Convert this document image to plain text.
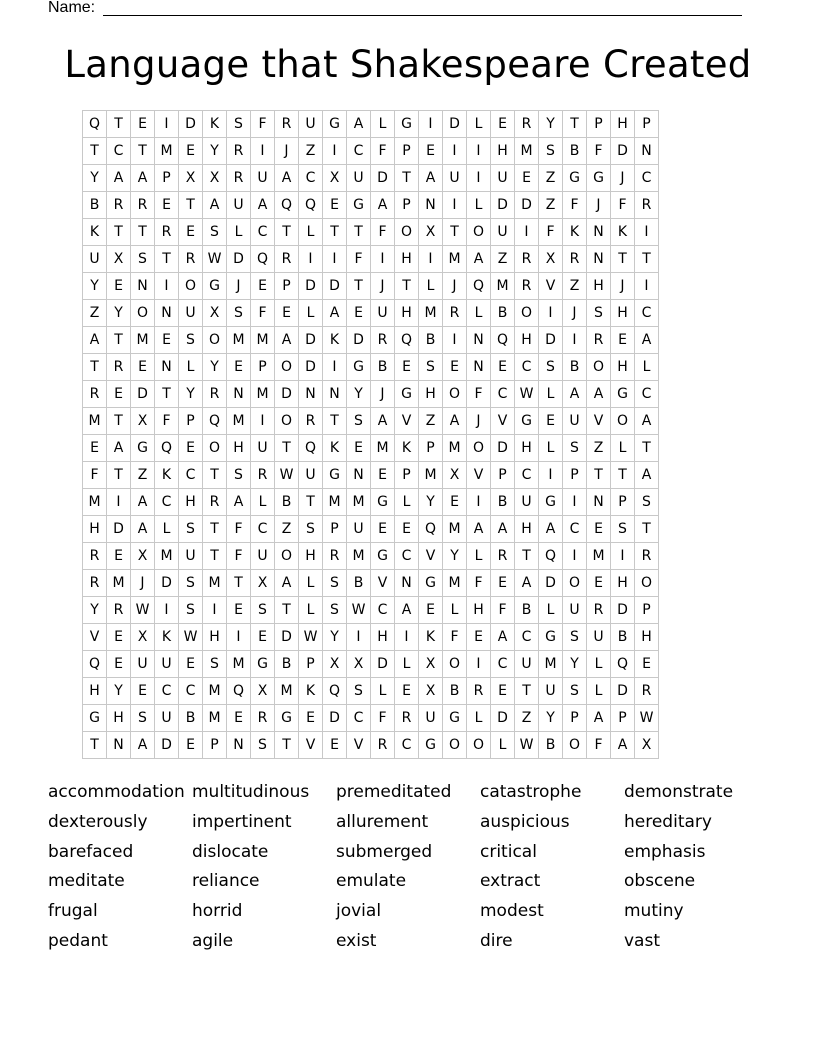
Name:
Language that Shakespeare Created
Q	T	E	I	D	K	S	F	R	U	G	A	L	G	I	D	L	E	R	Y	T	P	H	P
T	C	T	M	E	Y	R	I	J	Z	I	C	F	P	E	I	I	H	M	S	B	F	D	N
Y	A	A	P	X	X	R	U	A	C	X	U	D	T	A	U	I	U	E	Z	G	G	J	C
B	R	R	E	T	A	U	A	Q	Q	E	G	A	P	N	I	L	D	D	Z	F	J	F	R
K	T	T	R	E	S	L	C	T	L	T	T	F	O	X	T	O	U	I	F	K	N	K	I
U	X	S	T	R	W	D	Q	R	I	I	F	I	H	I	M	A	Z	R	X	R	N	T	T
Y	E	N	I	O	G	J	E	P	D	D	T	J	T	L	J	Q	M	R	V	Z	H	J	I
Z	Y	O	N	U	X	S	F	E	L	A	E	U	H	M	R	L	B	O	I	J	S	H	C
A	T	M	E	S	O	M	M	A	D	K	D	R	Q	B	I	N	Q	H	D	I	R	E	A
T	R	E	N	L	Y	E	P	O	D	I	G	B	E	S	E	N	E	C	S	B	O	H	L
R	E	D	T	Y	R	N	M	D	N	N	Y	J	G	H	O	F	C	W	L	A	A	G	C
M	T	X	F	P	Q	M	I	O	R	T	S	A	V	Z	A	J	V	G	E	U	V	O	A
E	A	G	Q	E	O	H	U	T	Q	K	E	M	K	P	M	O	D	H	L	S	Z	L	T
F	T	Z	K	C	T	S	R	W	U	G	N	E	P	M	X	V	P	C	I	P	T	T	A
M	I	A	C	H	R	A	L	B	T	M	M	G	L	Y	E	I	B	U	G	I	N	P	S
H	D	A	L	S	T	F	C	Z	S	P	U	E	E	Q	M	A	A	H	A	C	E	S	T
R	E	X	M	U	T	F	U	O	H	R	M	G	C	V	Y	L	R	T	Q	I	M	I	R
R	M	J	D	S	M	T	X	A	L	S	B	V	N	G	M	F	E	A	D	O	E	H	O
Y	R	W	I	S	I	E	S	T	L	S	W	C	A	E	L	H	F	B	L	U	R	D	P
V	E	X	K	W	H	I	E	D	W	Y	I	H	I	K	F	E	A	C	G	S	U	B	H
Q	E	U	U	E	S	M	G	B	P	X	X	D	L	X	O	I	C	U	M	Y	L	Q	E
H	Y	E	C	C	M	Q	X	M	K	Q	S	L	E	X	B	R	E	T	U	S	L	D	R
G	H	S	U	B	M	E	R	G	E	D	C	F	R	U	G	L	D	Z	Y	P	A	P	W
T	N	A	D	E	P	N	S	T	V	E	V	R	C	G	O	O	L	W	B	O	F	A	X
accommodation multitudinous	premeditated	catastrophe	demonstrate
dexterously	impertinent	allurement	auspicious	hereditary
barefaced	dislocate	submerged	critical	emphasis
meditate	reliance	emulate	extract	obscene
frugal	horrid	jovial	modest	mutiny
pedant	agile	exist	dire	vast
